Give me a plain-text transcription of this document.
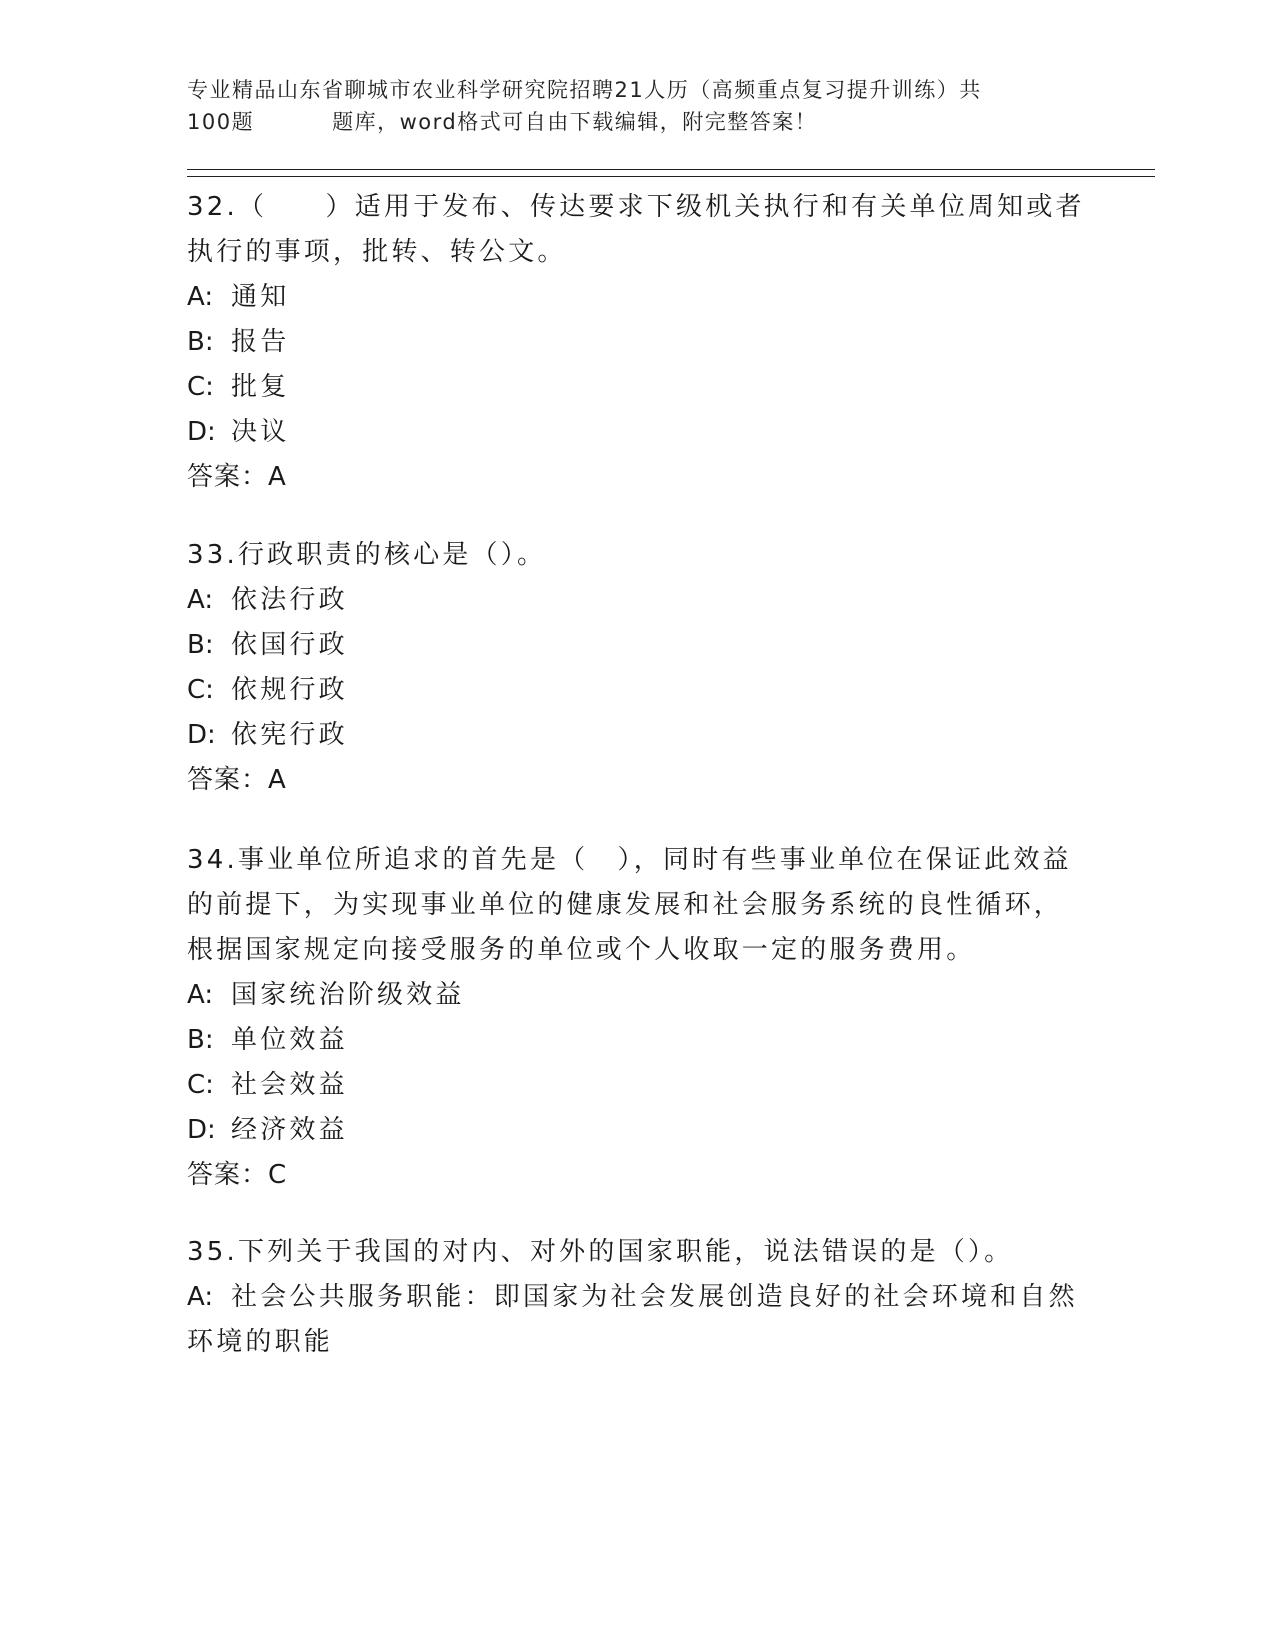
专业精品山东省聊城市农业科学研究院招聘21人历（高频重点复习提升训练）共
100题	题库，word格式可自由下载编辑，附完整答案！

32.（　　）适用于发布、传达要求下级机关执行和有关单位周知或者执行的事项，批转、转公文。

A: 通知

B: 报告

C: 批复

D: 决议

答案：A

33.行政职责的核心是（）。

A: 依法行政

B: 依国行政

C: 依规行政

D: 依宪行政

答案：A

34.事业单位所追求的首先是（　），同时有些事业单位在保证此效益的前提下，为实现事业单位的健康发展和社会服务系统的良性循环，根据国家规定向接受服务的单位或个人收取一定的服务费用。

A: 国家统治阶级效益

B: 单位效益

C: 社会效益

D: 经济效益

答案：C

35.下列关于我国的对内、对外的国家职能，说法错误的是（）。

A: 社会公共服务职能：即国家为社会发展创造良好的社会环境和自然环境的职能
